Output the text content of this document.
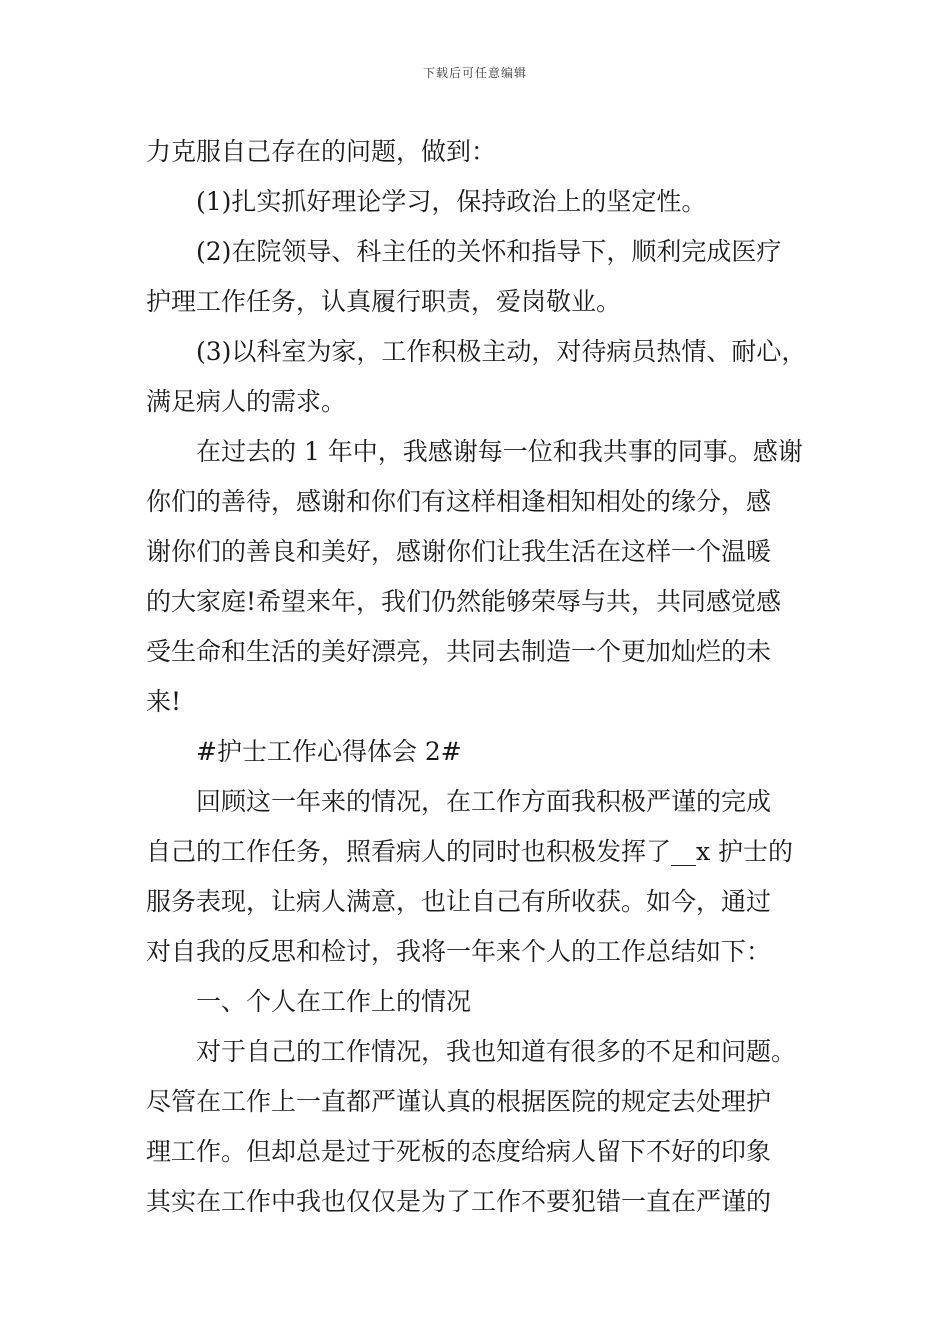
下载后可任意编辑
力克服自己存在的问题，做到：
(1)扎实抓好理论学习，保持政治上的坚定性。
(2)在院领导、科主任的关怀和指导下，顺利完成医疗
护理工作任务，认真履行职责，爱岗敬业。
(3)以科室为家，工作积极主动，对待病员热情、耐心，
满足病人的需求。
在过去的 1 年中，我感谢每一位和我共事的同事。感谢
你们的善待，感谢和你们有这样相逢相知相处的缘分，感
谢你们的善良和美好，感谢你们让我生活在这样一个温暖
的大家庭!希望来年，我们仍然能够荣辱与共，共同感觉感
受生命和生活的美好漂亮，共同去制造一个更加灿烂的未
来!
#护士工作心得体会 2#
回顾这一年来的情况，在工作方面我积极严谨的完成
自己的工作任务，照看病人的同时也积极发挥了__x 护士的
服务表现，让病人满意，也让自己有所收获。如今，通过
对自我的反思和检讨，我将一年来个人的工作总结如下：
一、个人在工作上的情况
对于自己的工作情况，我也知道有很多的不足和问题。
尽管在工作上一直都严谨认真的根据医院的规定去处理护
理工作。但却总是过于死板的态度给病人留下不好的印象
其实在工作中我也仅仅是为了工作不要犯错一直在严谨的
